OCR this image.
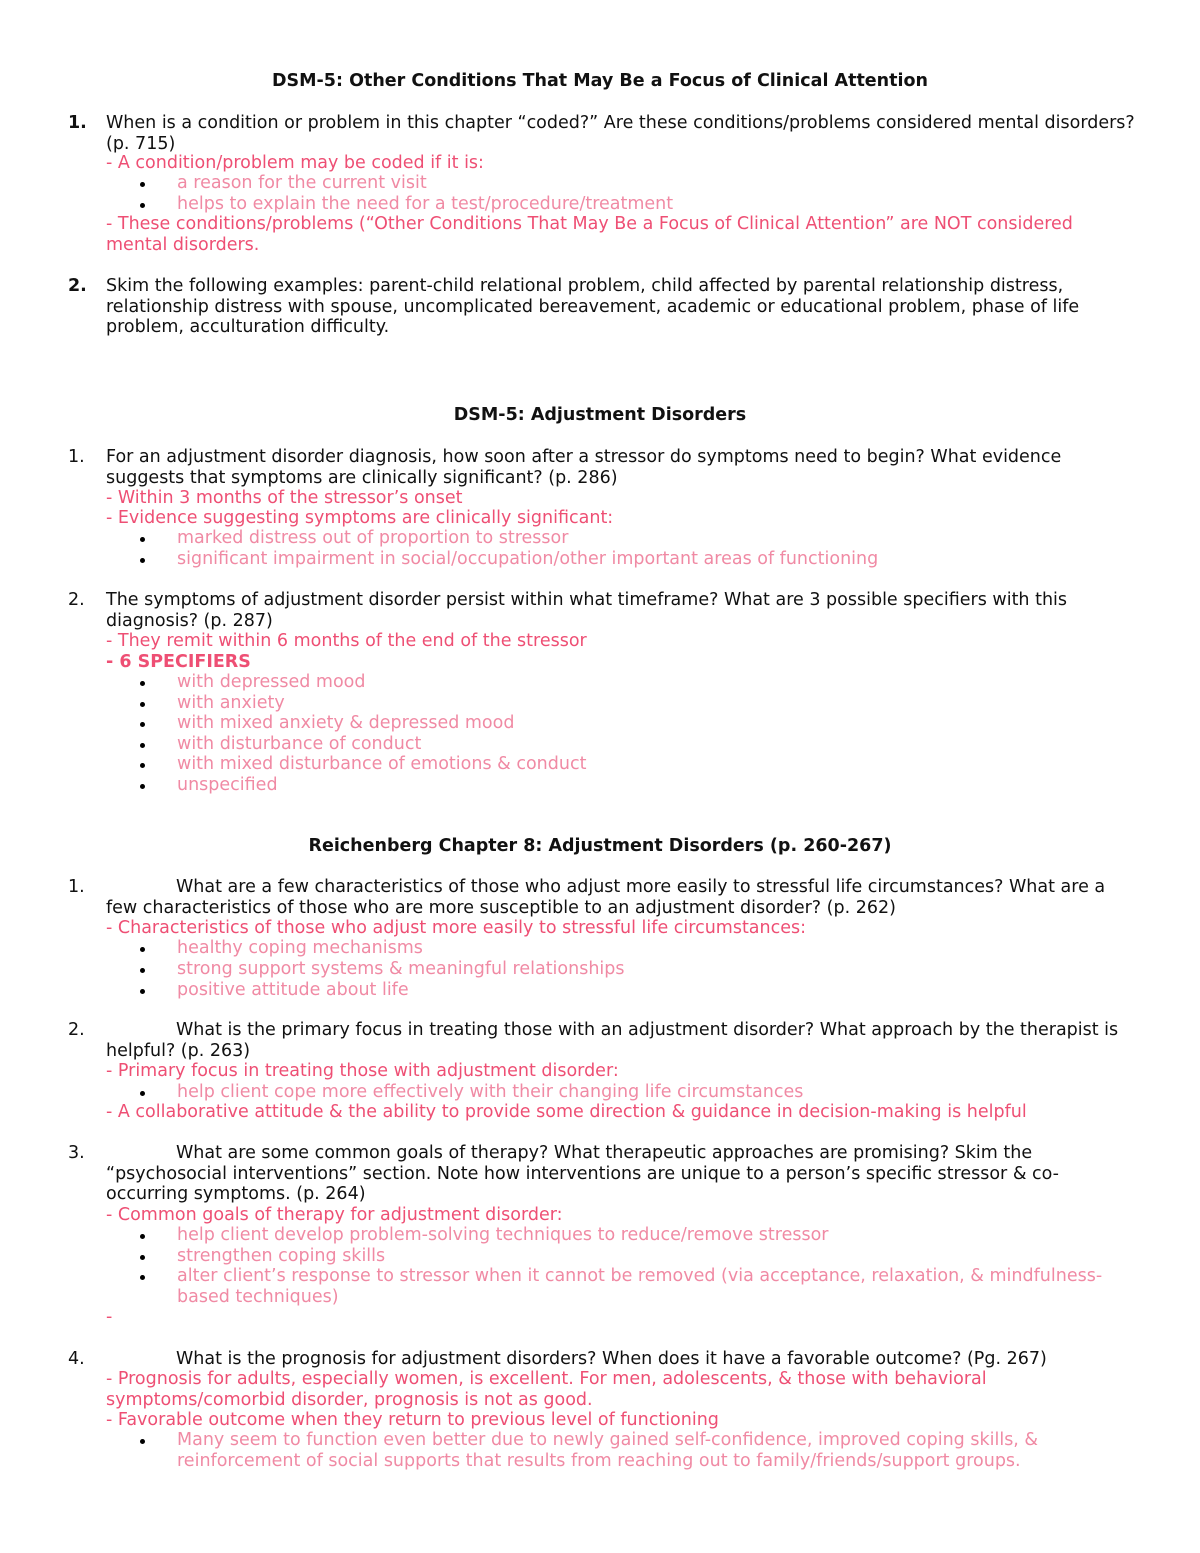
DSM-5: Other Conditions That May Be a Focus of Clinical Attention
1.	When is a condition or problem in this chapter “coded?” Are these conditions/problems considered mental disorders? (p. 715)
- A condition/problem may be coded if it is:
a reason for the current visit
helps to explain the need for a test/procedure/treatment
- These conditions/problems (“Other Conditions That May Be a Focus of Clinical Attention” are NOT considered mental disorders.
2.	Skim the following examples: parent-child relational problem, child affected by parental relationship distress, relationship distress with spouse, uncomplicated bereavement, academic or educational problem, phase of life problem, acculturation difficulty.
DSM-5: Adjustment Disorders
1.	For an adjustment disorder diagnosis, how soon after a stressor do symptoms need to begin? What evidence suggests that symptoms are clinically significant? (p. 286)
- Within 3 months of the stressor’s onset
- Evidence suggesting symptoms are clinically significant:
marked distress out of proportion to stressor
significant impairment in social/occupation/other important areas of functioning
2.	The symptoms of adjustment disorder persist within what timeframe? What are 3 possible specifiers with this diagnosis? (p. 287)
- They remit within 6 months of the end of the stressor
- 6 SPECIFIERS
with depressed mood
with anxiety
with mixed anxiety & depressed mood
with disturbance of conduct
with mixed disturbance of emotions & conduct
unspecified
Reichenberg Chapter 8: Adjustment Disorders (p. 260-267)
1.	What are a few characteristics of those who adjust more easily to stressful life circumstances? What are a few characteristics of those who are more susceptible to an adjustment disorder? (p. 262)
- Characteristics of those who adjust more easily to stressful life circumstances:
healthy coping mechanisms
strong support systems & meaningful relationships
positive attitude about life
2.	What is the primary focus in treating those with an adjustment disorder? What approach by the therapist is helpful? (p. 263)
- Primary focus in treating those with adjustment disorder:
help client cope more effectively with their changing life circumstances
- A collaborative attitude & the ability to provide some direction & guidance in decision-making is helpful
3.	What are some common goals of therapy? What therapeutic approaches are promising? Skim the “psychosocial interventions” section. Note how interventions are unique to a person’s specific stressor & co-occurring symptoms. (p. 264)
- Common goals of therapy for adjustment disorder:
help client develop problem-solving techniques to reduce/remove stressor
strengthen coping skills
alter client’s response to stressor when it cannot be removed (via acceptance, relaxation, & mindfulness-based techniques)
-
4.	What is the prognosis for adjustment disorders? When does it have a favorable outcome? (Pg. 267)
- Prognosis for adults, especially women, is excellent. For men, adolescents, & those with behavioral symptoms/comorbid disorder, prognosis is not as good.
- Favorable outcome when they return to previous level of functioning
Many seem to function even better due to newly gained self-confidence, improved coping skills, & reinforcement of social supports that results from reaching out to family/friends/support groups.
